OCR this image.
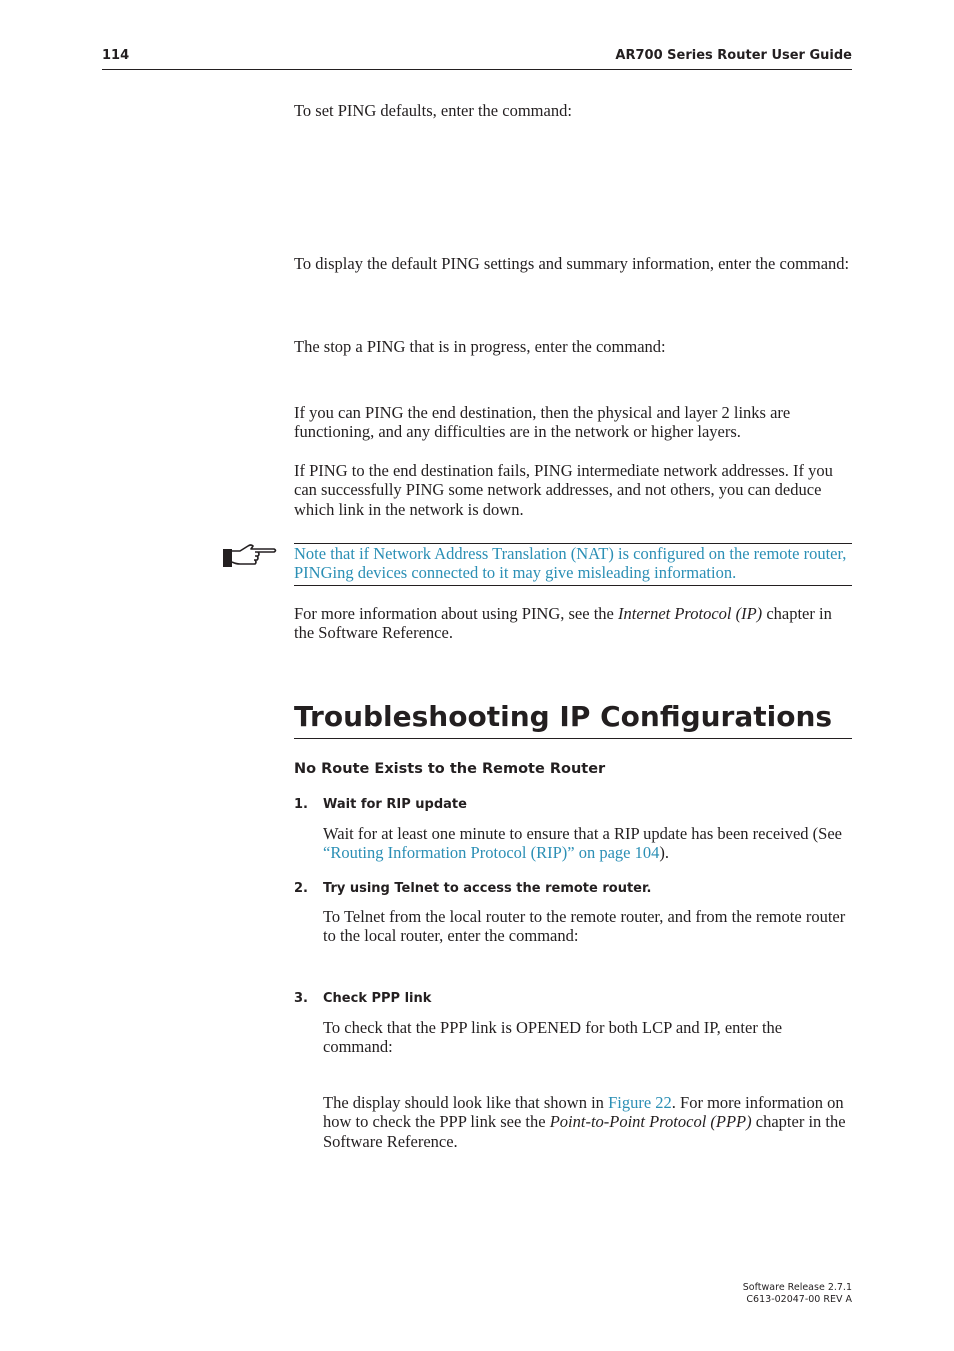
114	AR700 Series Router User Guide
To set PING defaults, enter the command:
To display the default PING settings and summary information, enter the command:
The stop a PING that is in progress, enter the command:
If you can PING the end destination, then the physical and layer 2 links are functioning, and any difficulties are in the network or higher layers.
If PING to the end destination fails, PING intermediate network addresses. If you can successfully PING some network addresses, and not others, you can deduce which link in the network is down.
Note that if Network Address Translation (NAT) is configured on the remote router, PINGing devices connected to it may give misleading information.
For more information about using PING, see the Internet Protocol (IP) chapter in the Software Reference.
Troubleshooting IP Configurations
No Route Exists to the Remote Router
1. Wait for RIP update
Wait for at least one minute to ensure that a RIP update has been received (See “Routing Information Protocol (RIP)” on page 104).
2. Try using Telnet to access the remote router.
To Telnet from the local router to the remote router, and from the remote router to the local router, enter the command:
3. Check PPP link
To check that the PPP link is OPENED for both LCP and IP, enter the command:
The display should look like that shown in Figure 22. For more information on how to check the PPP link see the Point-to-Point Protocol (PPP) chapter in the Software Reference.
Software Release 2.7.1
C613-02047-00 REV A
